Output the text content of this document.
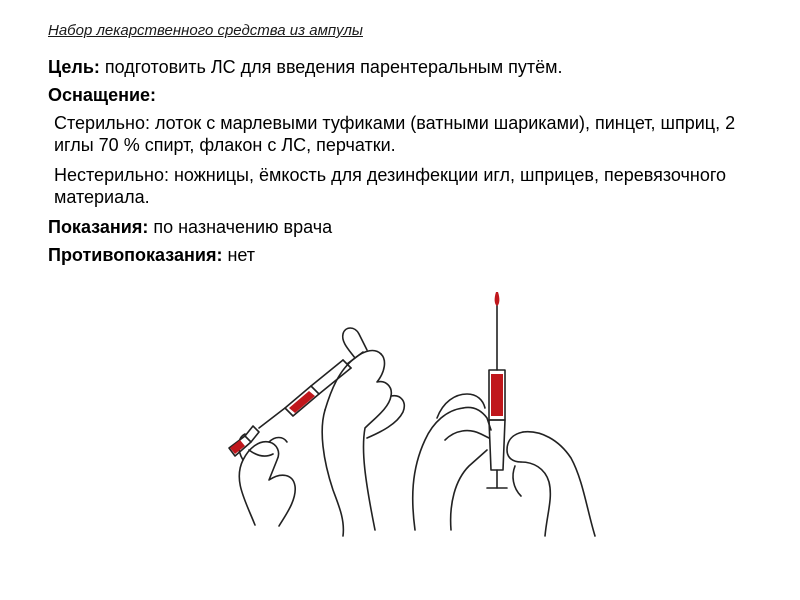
Набор лекарственного средства из ампулы

Цель: подготовить ЛС для введения парентеральным путём.

Оснащение:

Стерильно: лоток с марлевыми туфиками (ватными шариками), пинцет, шприц, 2 иглы 70 % спирт, флакон с ЛС, перчатки.

Нестерильно: ножницы, ёмкость для дезинфекции игл, шприцев, перевязочного материала.

Показания: по назначению врача

Противопоказания: нет
